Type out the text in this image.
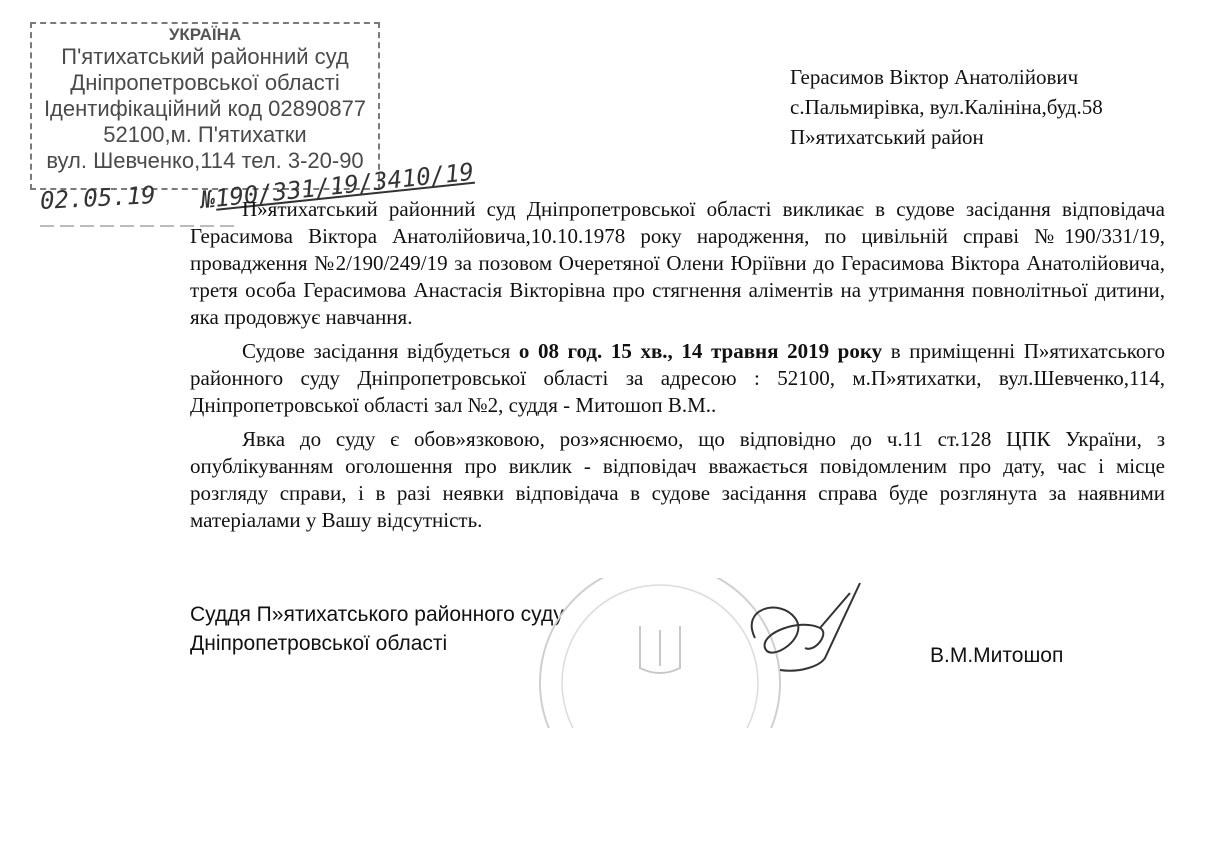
УКРАЇНА
П'ятихатський районний суд
Дніпропетровської області
Ідентифікаційний код 02890877
52100,м. П'ятихатки
вул. Шевченко,114 тел. 3-20-90
02.05.19 №190/331/19/3410/19
Герасимов Віктор Анатолійович
с.Пальмирівка, вул.Калініна,буд.58
П»ятихатський район

П»ятихатський районний суд Дніпропетровської області викликає в судове засідання відповідача Герасимова Віктора Анатолійовича,10.10.1978 року народження, по цивільній справі №190/331/19, провадження №2/190/249/19 за позовом Очеретяної Олени Юріївни до Герасимова Віктора Анатолійовича, третя особа Герасимова Анастасія Вікторівна про стягнення аліментів на утримання повнолітньої дитини, яка продовжує навчання.

Судове засідання відбудеться о 08 год. 15 хв., 14 травня 2019 року в приміщенні П»ятихатського районного суду Дніпропетровської області за адресою : 52100, м.П»ятихатки, вул.Шевченко,114, Дніпропетровської області зал №2, суддя - Митошоп В.М..

Явка до суду є обов»язковою, роз»яснюємо, що відповідно до ч.11 ст.128 ЦПК України, з опублікуванням оголошення про виклик - відповідач вважається повідомленим про дату, час і місце розгляду справи, і в разі неявки відповідача в судове засідання справа буде розглянута за наявними матеріалами у Вашу відсутність.

Суддя П»ятихатського районного суду
Дніпропетровської області
В.М.Митошоп
